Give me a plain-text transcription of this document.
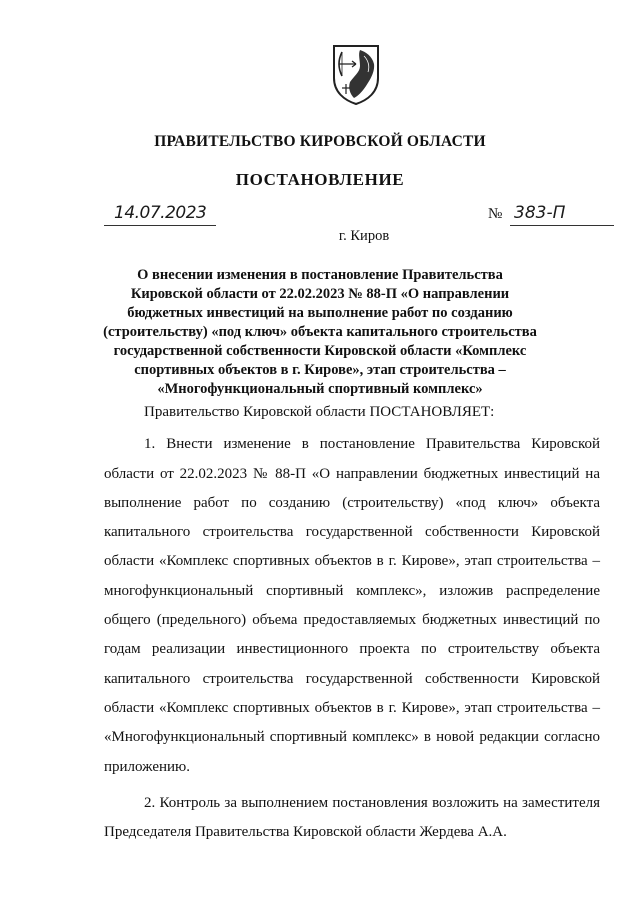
ПРАВИТЕЛЬСТВО КИРОВСКОЙ ОБЛАСТИ
ПОСТАНОВЛЕНИЕ
14.07.2023	№ 383-П
г. Киров
О внесении изменения в постановление Правительства Кировской области от 22.02.2023 № 88-П «О направлении бюджетных инвестиций на выполнение работ по созданию (строительству) «под ключ» объекта капитального строительства государственной собственности Кировской области «Комплекс спортивных объектов в г. Кирове», этап строительства – «Многофункциональный спортивный комплекс»

Правительство Кировской области ПОСТАНОВЛЯЕТ:

1. Внести изменение в постановление Правительства Кировской области от 22.02.2023 № 88-П «О направлении бюджетных инвестиций на выполнение работ по созданию (строительству) «под ключ» объекта капитального строительства государственной собственности Кировской области «Комплекс спортивных объектов в г. Кирове», этап строительства – многофункциональный спортивный комплекс», изложив распределение общего (предельного) объема предоставляемых бюджетных инвестиций по годам реализации инвестиционного проекта по строительству объекта капитального строительства государственной собственности Кировской области «Комплекс спортивных объектов в г. Кирове», этап строительства – «Многофункциональный спортивный комплекс» в новой редакции согласно приложению.

2. Контроль за выполнением постановления возложить на заместителя Председателя Правительства Кировской области Жердева А.А.
